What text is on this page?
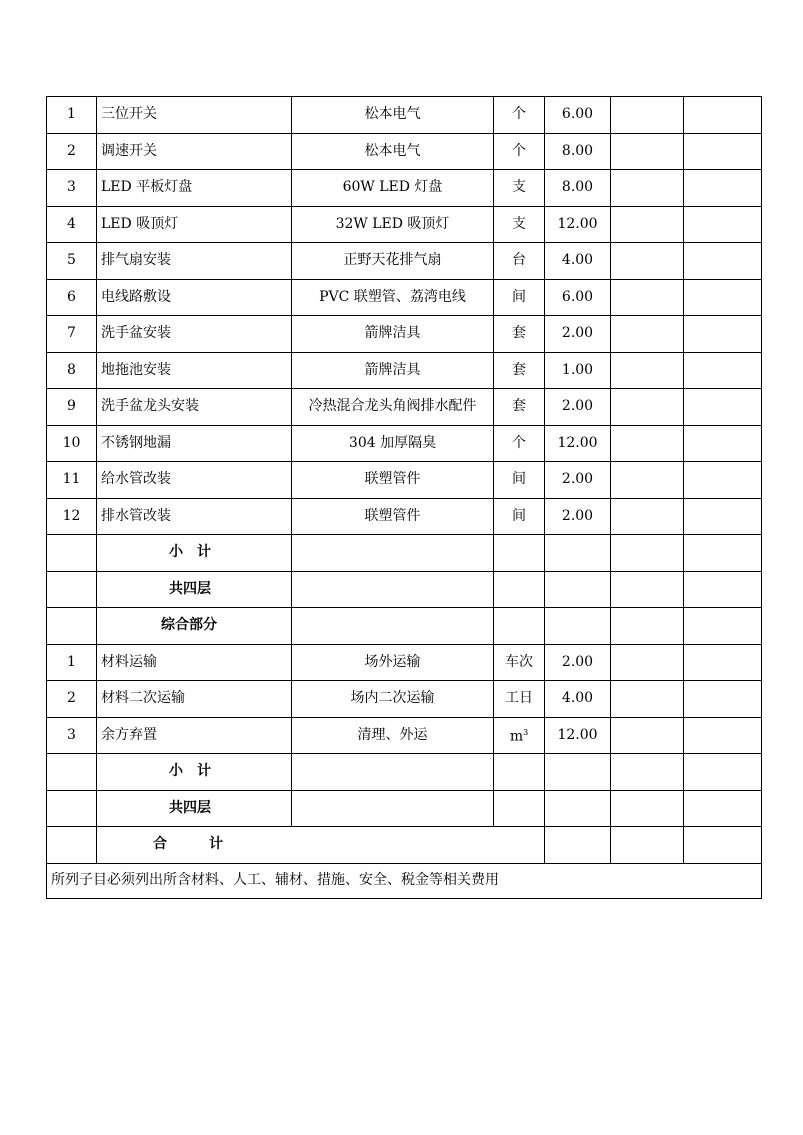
1	三位开关	松本电气	个	6.00		
2	调速开关	松本电气	个	8.00		
3	LED 平板灯盘	60W LED 灯盘	支	8.00		
4	LED 吸顶灯	32W LED 吸顶灯	支	12.00		
5	排气扇安装	正野天花排气扇	台	4.00		
6	电线路敷设	PVC 联塑管、荔湾电线	间	6.00		
7	洗手盆安装	箭牌洁具	套	2.00		
8	地拖池安装	箭牌洁具	套	1.00		
9	洗手盆龙头安装	冷热混合龙头角阀排水配件	套	2.00		
10	不锈钢地漏	304 加厚隔臭	个	12.00		
11	给水管改装	联塑管件	间	2.00		
12	排水管改装	联塑管件	间	2.00		
	小　计					
	共四层					
	综合部分					
1	材料运输	场外运输	车次	2.00		
2	材料二次运输	场内二次运输	工日	4.00		
3	余方弃置	清理、外运	$m^3$	12.00		
	小　计					
	共四层					
	合　　　计					
所列子目必须列出所含材料、人工、辅材、措施、安全、税金等相关费用						
